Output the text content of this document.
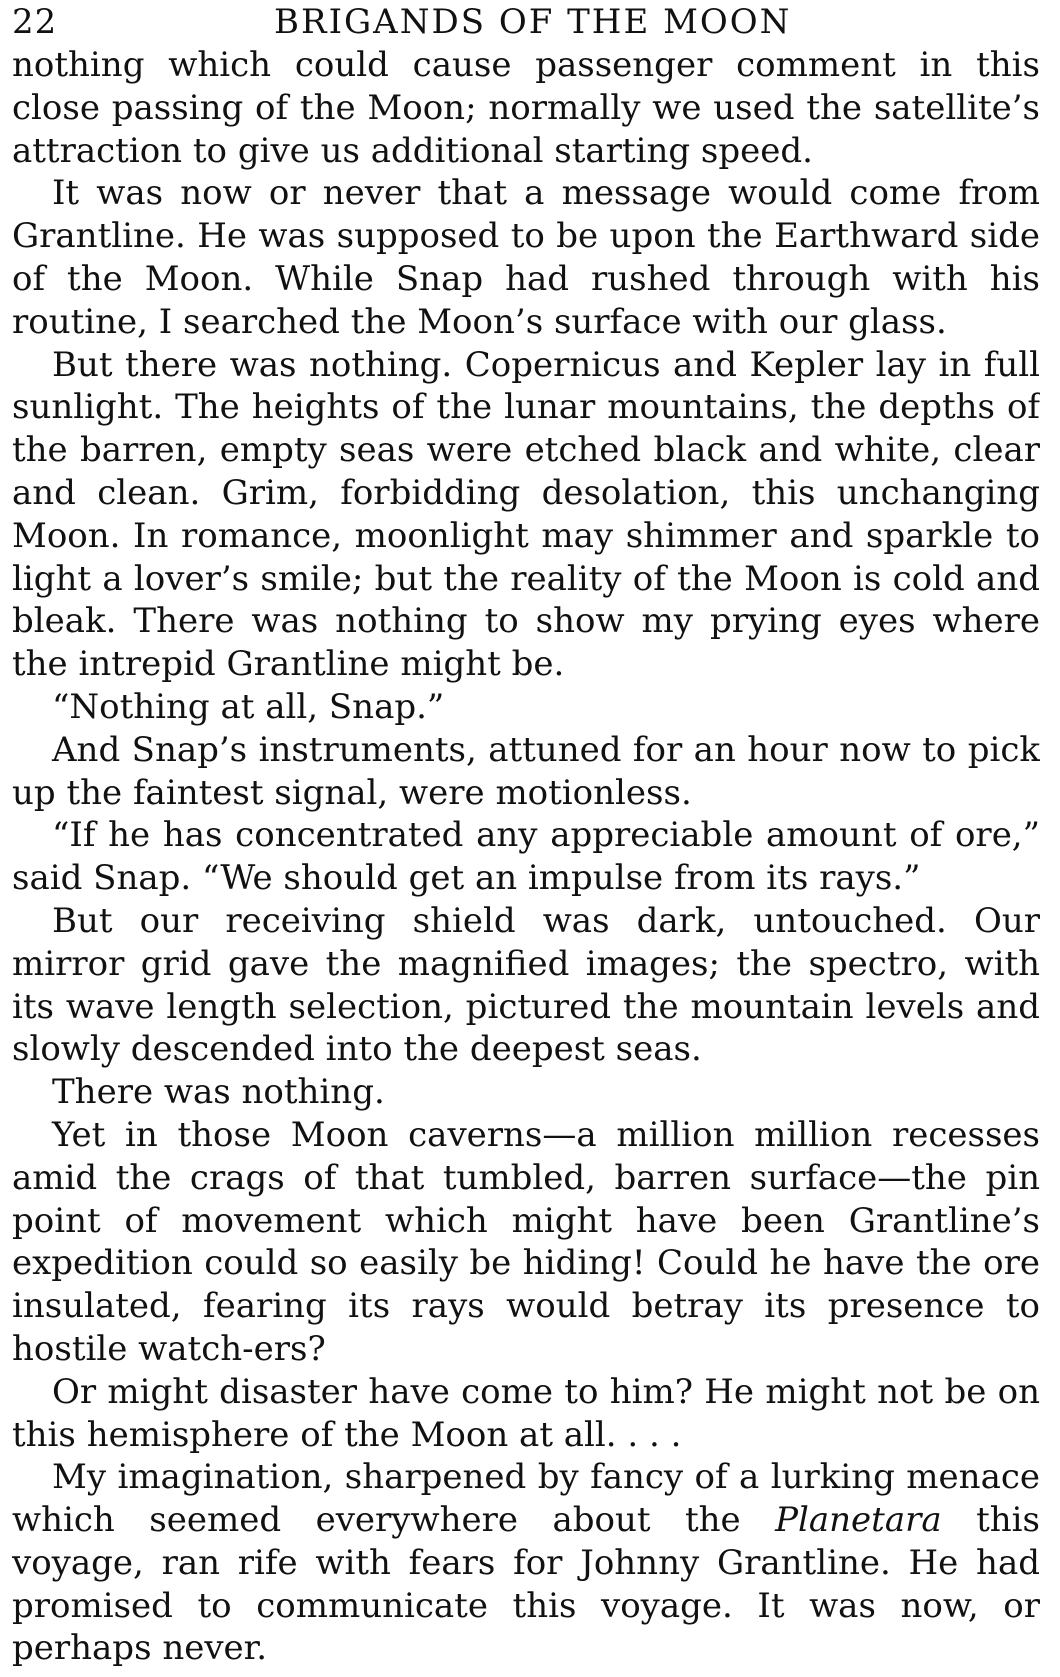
22	BRIGANDS OF THE MOON

nothing which could cause passenger comment in this close passing of the Moon; normally we used the satellite’s attraction to give us additional starting speed.

It was now or never that a message would come from Grantline. He was supposed to be upon the Earthward side of the Moon. While Snap had rushed through with his routine, I searched the Moon’s surface with our glass.

But there was nothing. Copernicus and Kepler lay in full sunlight. The heights of the lunar mountains, the depths of the barren, empty seas were etched black and white, clear and clean. Grim, forbidding desolation, this unchanging Moon. In romance, moonlight may shimmer and sparkle to light a lover’s smile; but the reality of the Moon is cold and bleak. There was nothing to show my prying eyes where the intrepid Grantline might be.

“Nothing at all, Snap.”

And Snap’s instruments, attuned for an hour now to pick up the faintest signal, were motionless.

“If he has concentrated any appreciable amount of ore,” said Snap. “We should get an impulse from its rays.”

But our receiving shield was dark, untouched. Our mirror grid gave the magnified images; the spectro, with its wave length selection, pictured the mountain levels and slowly descended into the deepest seas.

There was nothing.

Yet in those Moon caverns—a million million recesses amid the crags of that tumbled, barren surface—the pin point of movement which might have been Grantline’s expedition could so easily be hiding! Could he have the ore insulated, fearing its rays would betray its presence to hostile watch-ers?

Or might disaster have come to him? He might not be on this hemisphere of the Moon at all. . . .

My imagination, sharpened by fancy of a lurking menace which seemed everywhere about the Planetara this voyage, ran rife with fears for Johnny Grantline. He had promised to communicate this voyage. It was now, or perhaps never.
